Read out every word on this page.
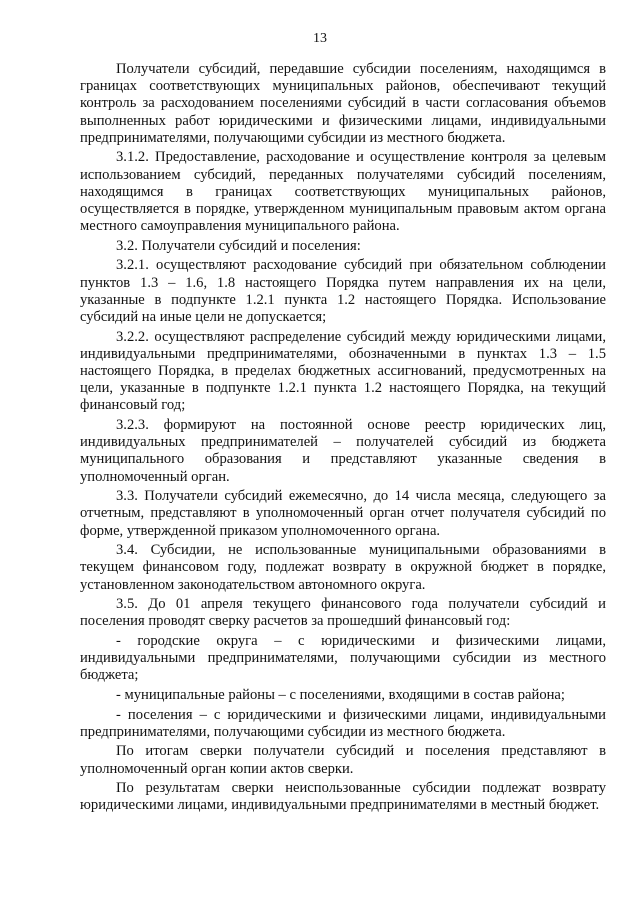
13

Получатели субсидий, передавшие субсидии поселениям, находящимся в границах соответствующих муниципальных районов, обеспечивают текущий контроль за расходованием поселениями субсидий в части согласования объемов выполненных работ юридическими и физическими лицами, индивидуальными предпринимателями, получающими субсидии из местного бюджета.

3.1.2. Предоставление, расходование и осуществление контроля за целевым использованием субсидий, переданных получателями субсидий поселениям, находящимся в границах соответствующих муниципальных районов, осуществляется в порядке, утвержденном муниципальным правовым актом органа местного самоуправления муниципального района.

3.2. Получатели субсидий и поселения:

3.2.1. осуществляют расходование субсидий при обязательном соблюдении пунктов 1.3 – 1.6, 1.8 настоящего Порядка путем направления их на цели, указанные в подпункте 1.2.1 пункта 1.2 настоящего Порядка. Использование субсидий на иные цели не допускается;

3.2.2. осуществляют распределение субсидий между юридическими лицами, индивидуальными предпринимателями, обозначенными в пунктах 1.3 – 1.5 настоящего Порядка, в пределах бюджетных ассигнований, предусмотренных на цели, указанные в подпункте 1.2.1 пункта 1.2 настоящего Порядка, на текущий финансовый год;

3.2.3. формируют на постоянной основе реестр юридических лиц, индивидуальных предпринимателей – получателей субсидий из бюджета муниципального образования и представляют указанные сведения в уполномоченный орган.

3.3. Получатели субсидий ежемесячно, до 14 числа месяца, следующего за отчетным, представляют в уполномоченный орган отчет получателя субсидий по форме, утвержденной приказом уполномоченного органа.

3.4. Субсидии, не использованные муниципальными образованиями в текущем финансовом году, подлежат возврату в окружной бюджет в порядке, установленном законодательством автономного округа.

3.5. До 01 апреля текущего финансового года получатели субсидий и поселения проводят сверку расчетов за прошедший финансовый год:

- городские округа – с юридическими и физическими лицами, индивидуальными предпринимателями, получающими субсидии из местного бюджета;

- муниципальные районы – с поселениями, входящими в состав района;

- поселения – с юридическими и физическими лицами, индивидуальными предпринимателями, получающими субсидии из местного бюджета.

По итогам сверки получатели субсидий и поселения представляют в уполномоченный орган копии актов сверки.

По результатам сверки неиспользованные субсидии подлежат возврату юридическими лицами, индивидуальными предпринимателями в местный бюджет.
